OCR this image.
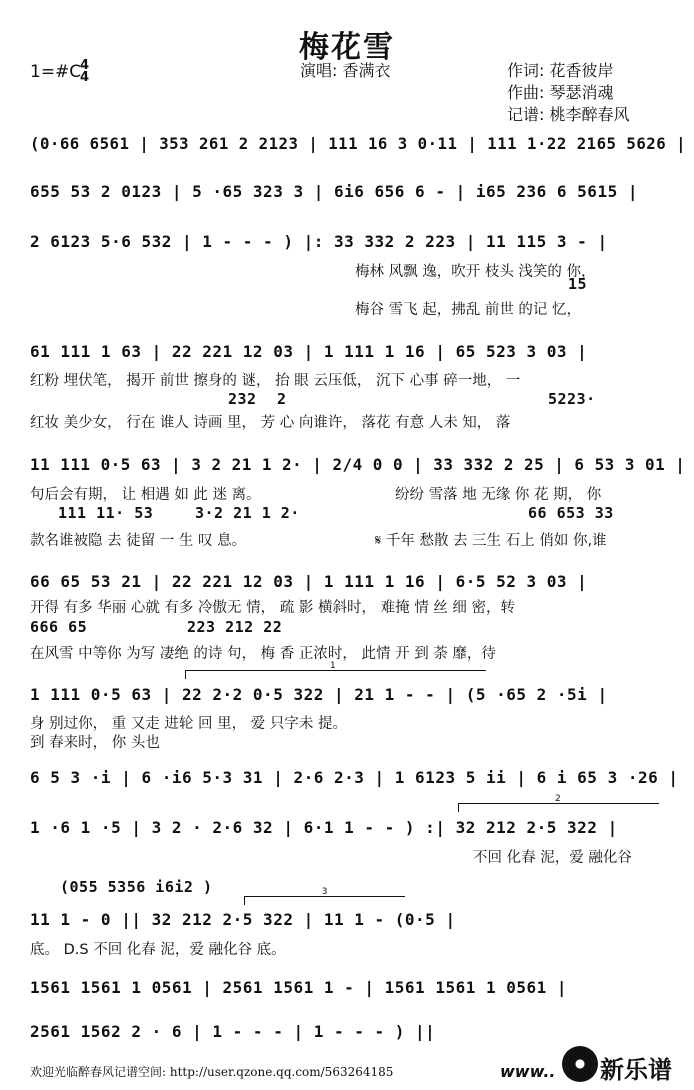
梅花雪
1=#C
4
4	演唱: 香满衣	作词: 花香彼岸
作曲: 琴瑟消魂
记谱: 桃李醉春风
(0·66 6561 | 353 261 2 2123 | 111 16 3 0·11 | 111 1·22 2165 5626 |
655 53 2 0123 | 5 ·65 323 3 | 6i6 656 6 - | i65 236 6 5615 |
2 6123 5·6 532 | 1 - - - ) |: 33 332 2 223 | 11 115 3 - |
15
梅林 风飘 逸，吹开 枝头 浅笑的 你，
梅谷 雪飞 起，拂乱 前世 的记 忆，
61 111 1 63 | 22 221 12 03 | 1 111 1 16 | 65 523 3 03 |
红粉 埋伏笔， 揭开 前世 擦身的 谜， 抬 眼 云压低， 沉下 心事 碎一地， 一
232 2	5223·
红妆 美少女， 行在 谁人 诗画 里， 芳 心 向谁许， 落花 有意 人未 知， 落
11 111 0·5 63 | 3 2 21 1 2· | 2/4 0 0 | 33 332 2 25 | 6 53 3 01 |
句后会有期， 让 相遇 如 此 迷 离。	纷纷 雪落 地 无缘 你 花 期， 你
111 11· 53	3·2 21 1 2·	66 653 33
款名谁被隐 去 徒留 一 生 叹 息。	𝄋 千年 愁散 去 三生 石上 俏如 你,谁
66 65 53 21 | 22 221 12 03 | 1 111 1 16 | 6·5 52 3 03 |
开得 有多 华丽 心就 有多 冷傲无 情， 疏 影 横斜时， 难掩 情 丝 细 密，转
666 65	223 212 22
在风雪 中等你 为写 凄绝 的诗 句， 梅 香 正浓时， 此情 开 到 荼 靡，待
1
1 111 0·5 63 | 22 2·2 0·5 322 | 21 1 - - | (5 ·65 2 ·5i |
身 别过你， 重 又走 进轮 回 里， 爱 只字未 提。
到 春来时， 你 头也
6 5 3 ·i | 6 ·i6 5·3 31 | 2·6 2·3 | 1 6123 5 ii | 6 i 65 3 ·26 |
2
1 ·6 1 ·5 | 3 2 · 2·6 32 | 6·1 1 - - ) :| 32 212 2·5 322 |
不回 化春 泥，爱 融化谷
(055 5356 i6i2 )	3
11 1 - 0 || 32 212 2·5 322 | 11 1 - (0·5 |
底。 D.S 不回 化春 泥，爱 融化谷 底。
1561 1561 1 0561 | 2561 1561 1 - | 1561 1561 1 0561 |
2561 1562 2 · 6 | 1 - - - | 1 - - - ) ||
欢迎光临醉春风记谱空间: http://user.qzone.qq.com/563264185	www.. 新乐谱
